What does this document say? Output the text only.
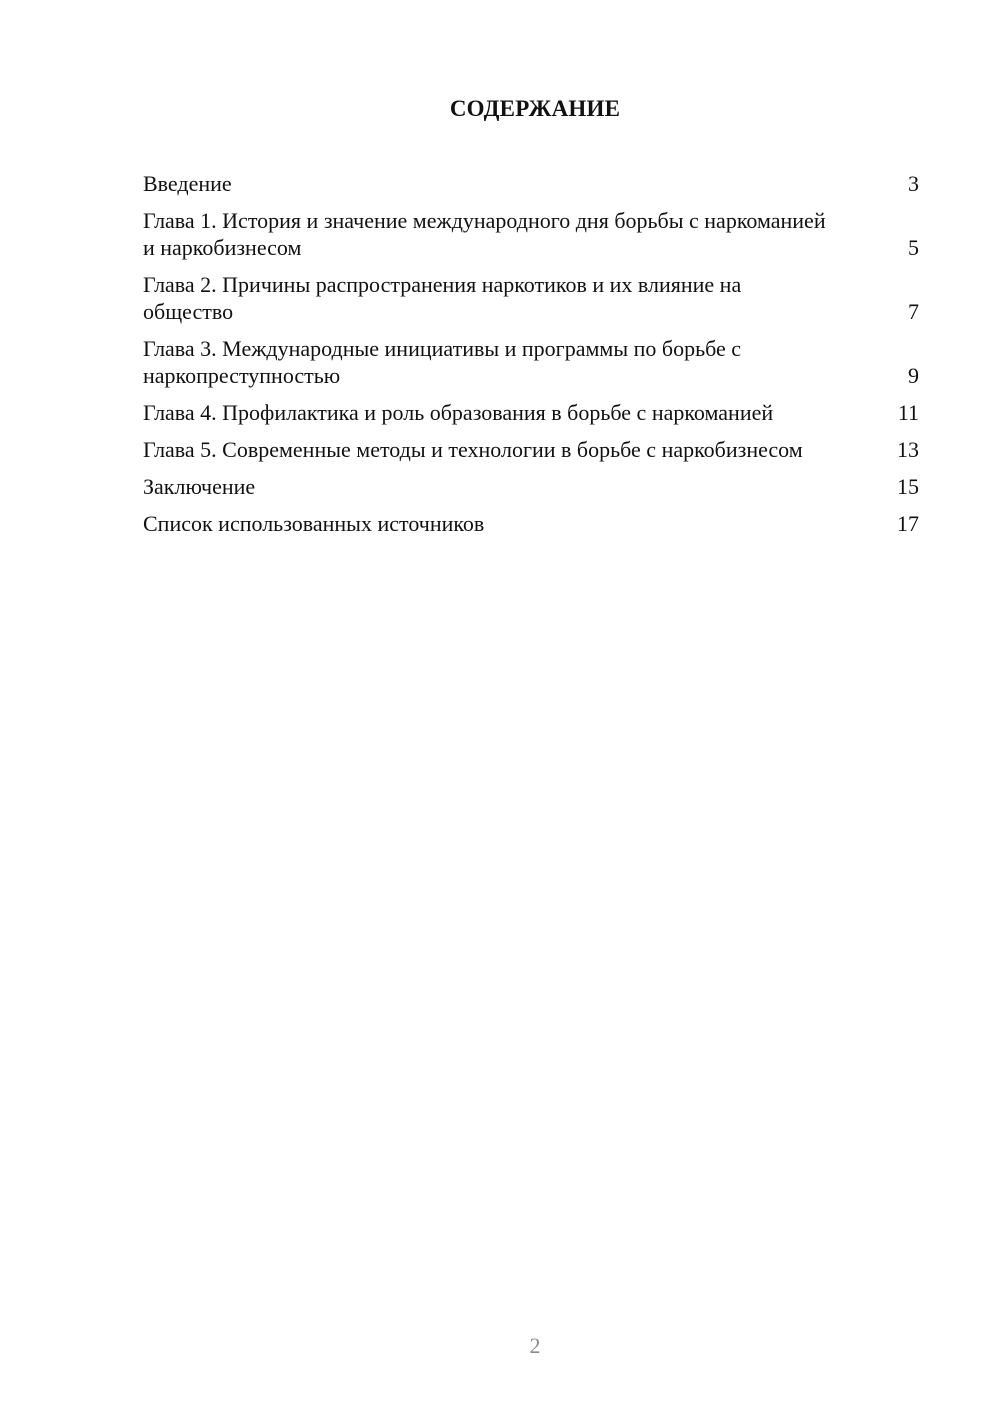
СОДЕРЖАНИЕ
Введение	3
Глава 1. История и значение международного дня борьбы с наркоманией и наркобизнесом	5
Глава 2. Причины распространения наркотиков и их влияние на общество	7
Глава 3. Международные инициативы и программы по борьбе с наркопреступностью	9
Глава 4. Профилактика и роль образования в борьбе с наркоманией	11
Глава 5. Современные методы и технологии в борьбе с наркобизнесом	13
Заключение	15
Список использованных источников	17
2
